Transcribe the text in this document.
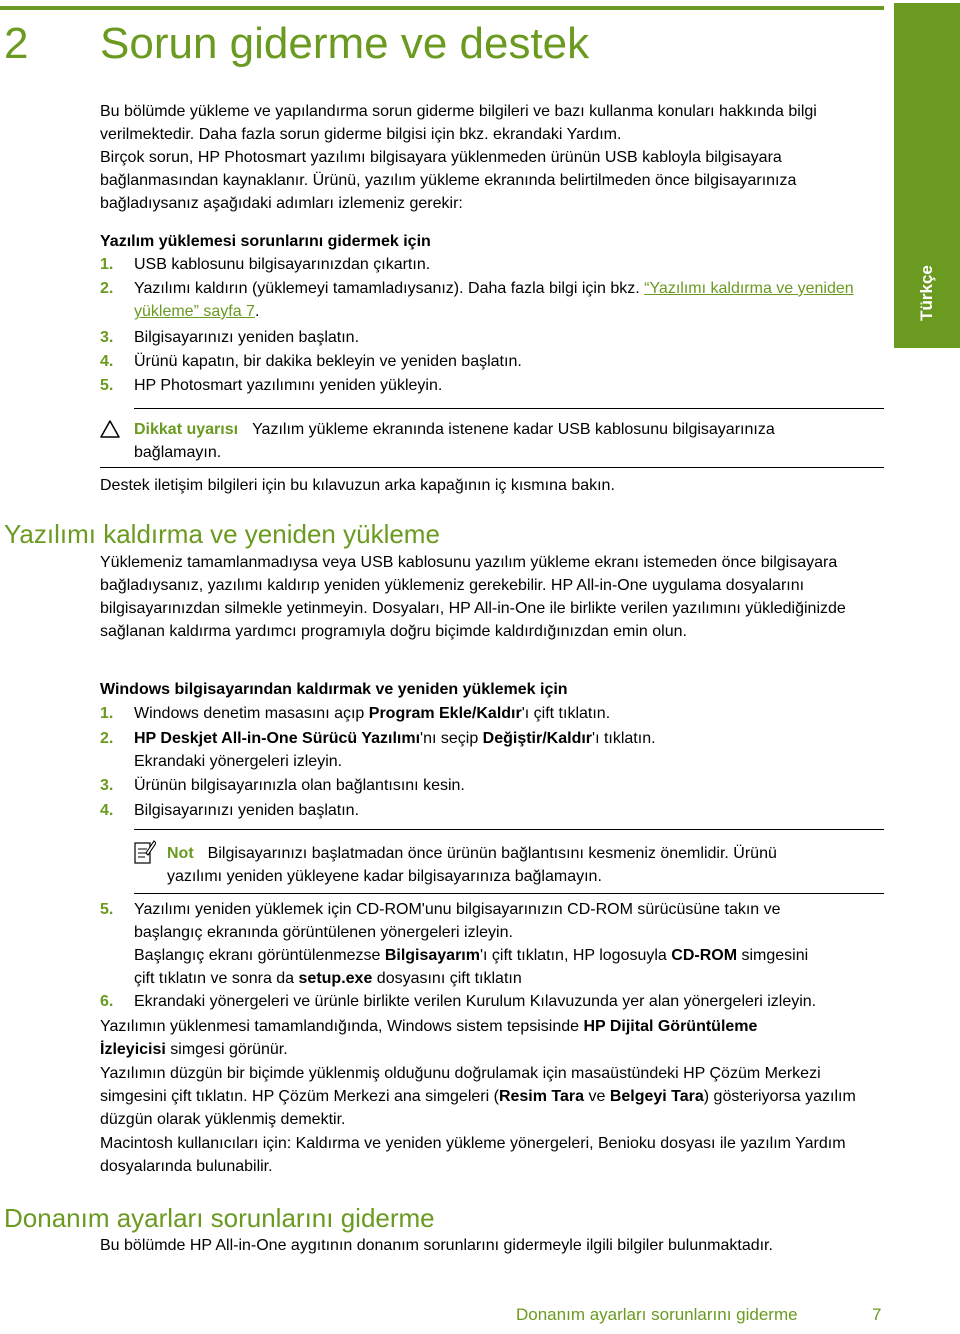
2 Sorun giderme ve destek
Türkçe
Bu bölümde yükleme ve yapılandırma sorun giderme bilgileri ve bazı kullanma konuları hakkında bilgi verilmektedir. Daha fazla sorun giderme bilgisi için bkz. ekrandaki Yardım.
Birçok sorun, HP Photosmart yazılımı bilgisayara yüklenmeden ürünün USB kabloyla bilgisayara bağlanmasından kaynaklanır. Ürünü, yazılım yükleme ekranında belirtilmeden önce bilgisayarınıza bağladıysanız aşağıdaki adımları izlemeniz gerekir:
Yazılım yüklemesi sorunlarını gidermek için
1. USB kablosunu bilgisayarınızdan çıkartın.
2. Yazılımı kaldırın (yüklemeyi tamamladıysanız). Daha fazla bilgi için bkz. “Yazılımı kaldırma ve yeniden yükleme” sayfa 7.
3. Bilgisayarınızı yeniden başlatın.
4. Ürünü kapatın, bir dakika bekleyin ve yeniden başlatın.
5. HP Photosmart yazılımını yeniden yükleyin.
Dikkat uyarısı Yazılım yükleme ekranında istenene kadar USB kablosunu bilgisayarınıza
bağlamayın.
Destek iletişim bilgileri için bu kılavuzun arka kapağının iç kısmına bakın.
Yazılımı kaldırma ve yeniden yükleme
Yüklemeniz tamamlanmadıysa veya USB kablosunu yazılım yükleme ekranı istemeden önce bilgisayara bağladıysanız, yazılımı kaldırıp yeniden yüklemeniz gerekebilir. HP All-in-One uygulama dosyalarını bilgisayarınızdan silmekle yetinmeyin. Dosyaları, HP All-in-One ile birlikte verilen yazılımını yüklediğinizde sağlanan kaldırma yardımcı programıyla doğru biçimde kaldırdığınızdan emin olun.
Windows bilgisayarından kaldırmak ve yeniden yüklemek için
1. Windows denetim masasını açıp Program Ekle/Kaldır'ı çift tıklatın.
2. HP Deskjet All-in-One Sürücü Yazılımı'nı seçip Değiştir/Kaldır'ı tıklatın.
Ekrandaki yönergeleri izleyin.
3. Ürünün bilgisayarınızla olan bağlantısını kesin.
4. Bilgisayarınızı yeniden başlatın.
Not Bilgisayarınızı başlatmadan önce ürünün bağlantısını kesmeniz önemlidir. Ürünü
yazılımı yeniden yükleyene kadar bilgisayarınıza bağlamayın.
5. Yazılımı yeniden yüklemek için CD-ROM'unu bilgisayarınızın CD-ROM sürücüsüne takın ve
başlangıç ekranında görüntülenen yönergeleri izleyin.
Başlangıç ekranı görüntülenmezse Bilgisayarım'ı çift tıklatın, HP logosuyla CD-ROM simgesini
çift tıklatın ve sonra da setup.exe dosyasını çift tıklatın
6. Ekrandaki yönergeleri ve ürünle birlikte verilen Kurulum Kılavuzunda yer alan yönergeleri izleyin.
Yazılımın yüklenmesi tamamlandığında, Windows sistem tepsisinde HP Dijital Görüntüleme
İzleyicisi simgesi görünür.
Yazılımın düzgün bir biçimde yüklenmiş olduğunu doğrulamak için masaüstündeki HP Çözüm Merkezi simgesini çift tıklatın. HP Çözüm Merkezi ana simgeleri (Resim Tara ve Belgeyi Tara) gösteriyorsa yazılım düzgün olarak yüklenmiş demektir.
Macintosh kullanıcıları için: Kaldırma ve yeniden yükleme yönergeleri, Benioku dosyası ile yazılım Yardım dosyalarında bulunabilir.
Donanım ayarları sorunlarını giderme
Bu bölümde HP All-in-One aygıtının donanım sorunlarını gidermeyle ilgili bilgiler bulunmaktadır.
Donanım ayarları sorunlarını giderme	7
